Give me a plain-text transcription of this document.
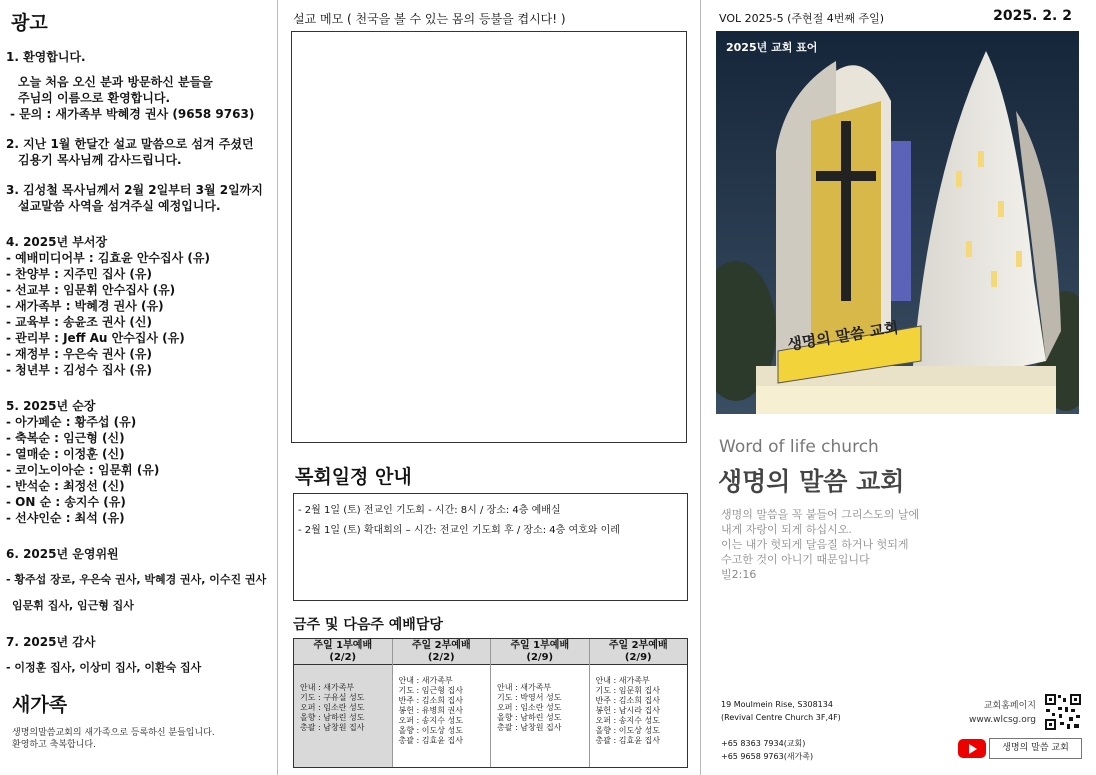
광고
1. 환영합니다.
오늘 처음 오신 분과 방문하신 분들을
주님의 이름으로 환영합니다.
- 문의 : 새가족부 박혜경 권사 (9658 9763)
2. 지난 1월 한달간 설교 말씀으로 섬겨 주셨던
김용기 목사님께 감사드립니다.
3. 김성철 목사님께서 2월 2일부터 3월 2일까지
설교말씀 사역을 섬겨주실 예정입니다.
4. 2025년 부서장
- 예배미디어부 : 김효윤 안수집사 (유)
- 찬양부 : 지주민 집사 (유)
- 선교부 : 임문휘 안수집사 (유)
- 새가족부 : 박혜경 권사 (유)
- 교육부 : 송윤조 권사 (신)
- 관리부 : Jeff Au 안수집사 (유)
- 재정부 : 우은숙 권사 (유)
- 청년부 : 김성수 집사 (유)
5. 2025년 순장
- 아가페순 : 황주섭 (유)
- 축복순 : 임근형 (신)
- 열매순 : 이정훈 (신)
- 코이노이아순 : 임문휘 (유)
- 반석순 : 최정선 (신)
- ON 순 : 송지수 (유)
- 선샤인순 : 최석 (유)
6. 2025년 운영위원
- 황주섭 장로, 우은숙 권사, 박혜경 권사, 이수진 권사
임문휘 집사, 임근형 집사
7. 2025년 감사
- 이정훈 집사, 이상미 집사, 이환숙 집사
새가족
생명의말씀교회의 새가족으로 등록하신 분들입니다.
환영하고 축복합니다.
설교 메모 ( 천국을 볼 수 있는 몸의 등불을 켭시다! )
목회일정 안내
- 2월 1일 (토) 전교인 기도회 - 시간: 8시 / 장소: 4층 예배실
- 2월 1일 (토) 확대회의 – 시간: 전교인 기도회 후 / 장소: 4층 여호와 이레
금주 및 다음주 예배담당
주일 1부예배
(2/2)
안내 : 새가족부
기도 : 구유실 성도
오퍼 : 임소란 성도
올향 : 남하린 성도
총괄 : 남창원 집사
주일 2부예배
(2/2)
안내 : 새가족부
기도 : 임근형 집사
반주 : 김소희 집사
봉헌 : 유병희 권사
오퍼 : 송지수 성도
올향 : 이도상 성도
총괄 : 김효윤 집사
주일 1부예배
(2/9)
안내 : 새가족부
기도 : 박영서 성도
오퍼 : 임소란 성도
올향 : 남하린 성도
총괄 : 남창원 집사
주일 2부예배
(2/9)
안내 : 새가족부
기도 : 임문휘 집사
반주 : 김소희 집사
봉헌 : 남시라 집사
오퍼 : 송지수 성도
올향 : 이도상 성도
총괄 : 김효윤 집사
VOL 2025-5 (주현절 4번째 주일)	2025. 2. 2
2025년 교회 표어
생명의 말씀 교회
Word of life church
생명의 말씀 교회
생명의 말씀을 꼭 붙들어 그리스도의 날에
내게 자랑이 되게 하십시오.
이는 내가 헛되게 달음질 하거나 헛되게
수고한 것이 아니기 때문입니다
빌2:16
19 Moulmein Rise, S308134
(Revival Centre Church 3F,4F)
+65 8363 7934(교회)
+65 9658 9763(새가족)
교회홈페이지
www.wlcsg.org
생명의 말씀 교회
